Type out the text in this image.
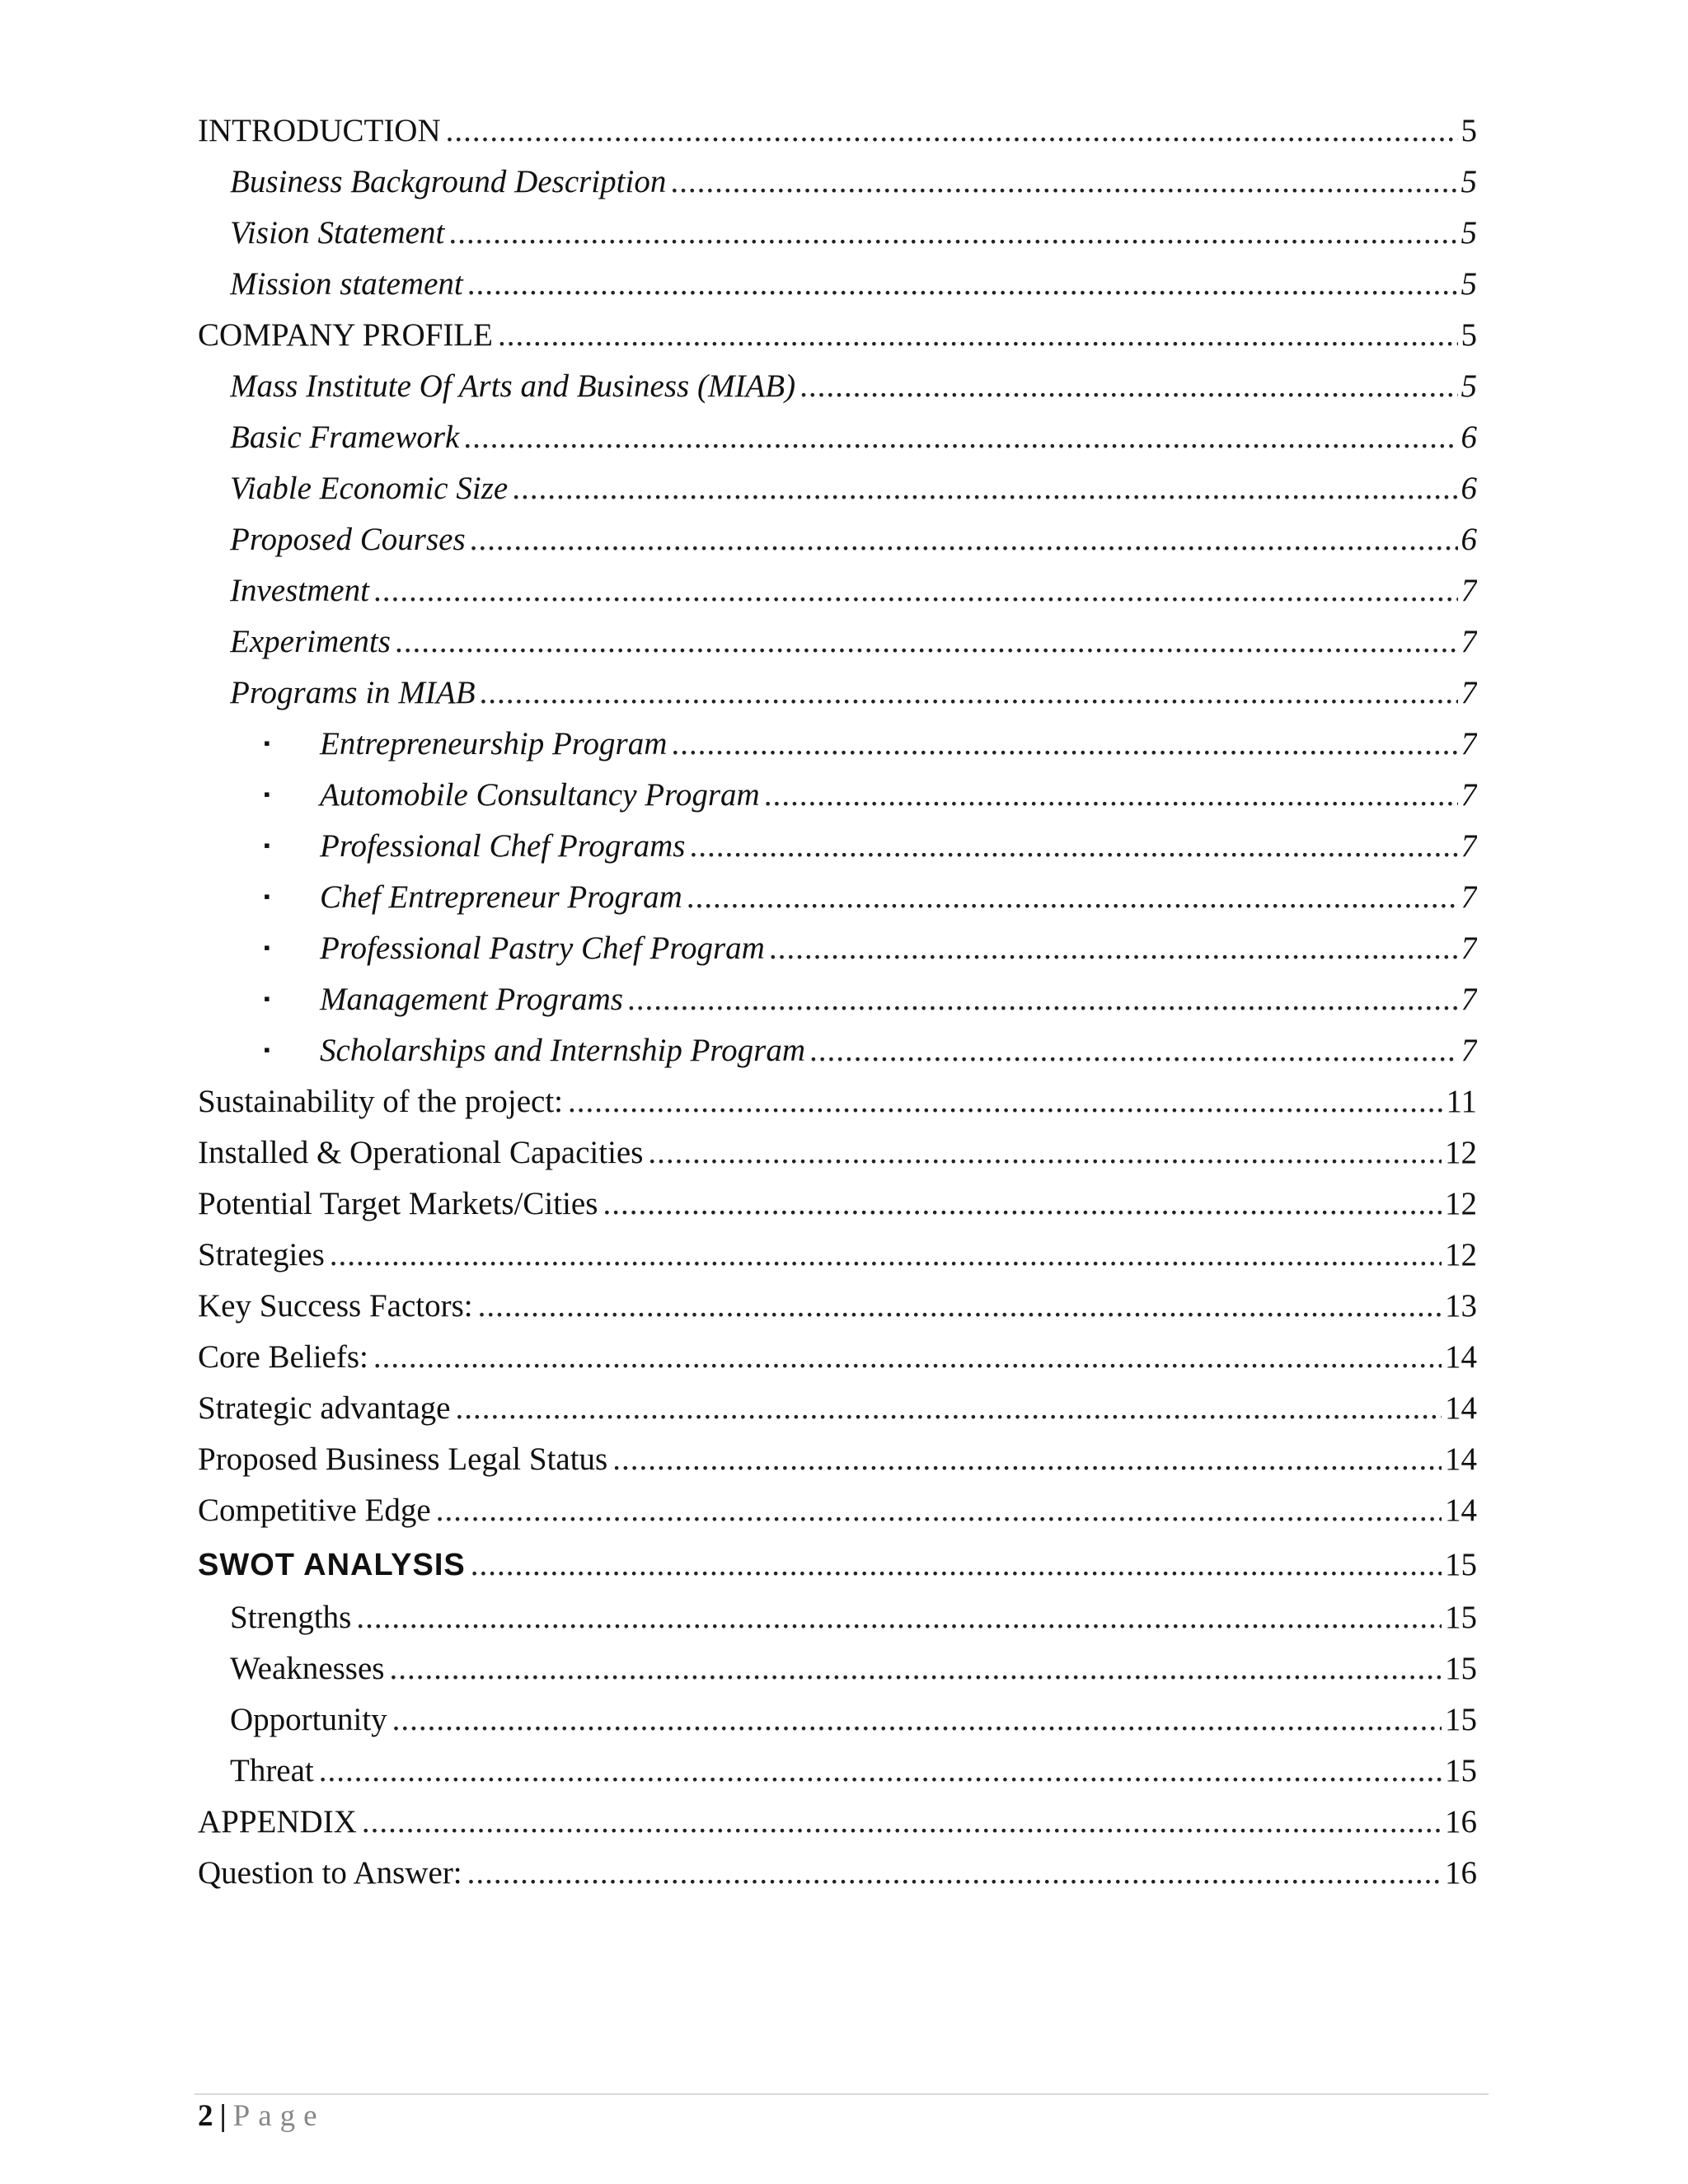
INTRODUCTION .....	5
Business Background Description .....	5
Vision Statement .....	5
Mission statement .....	5
COMPANY PROFILE .....	5
Mass Institute Of Arts and Business (MIAB) .....	5
Basic Framework .....	6
Viable Economic Size .....	6
Proposed Courses .....	6
Investment .....	7
Experiments .....	7
Programs in MIAB .....	7
▪	Entrepreneurship Program .....	7
▪	Automobile Consultancy Program .....	7
▪	Professional Chef Programs .....	7
▪	Chef Entrepreneur Program .....	7
▪	Professional Pastry Chef Program .....	7
▪	Management Programs .....	7
▪	Scholarships and Internship Program .....	7
Sustainability of the project: .....	11
Installed & Operational Capacities .....	12
Potential Target Markets/Cities .....	12
Strategies .....	12
Key Success Factors: .....	13
Core Beliefs: .....	14
Strategic advantage .....	14
Proposed Business Legal Status .....	14
Competitive Edge .....	14
SWOT ANALYSIS .....	15
Strengths .....	15
Weaknesses .....	15
Opportunity .....	15
Threat .....	15
APPENDIX .....	16
Question to Answer: .....	16
2 | Page
